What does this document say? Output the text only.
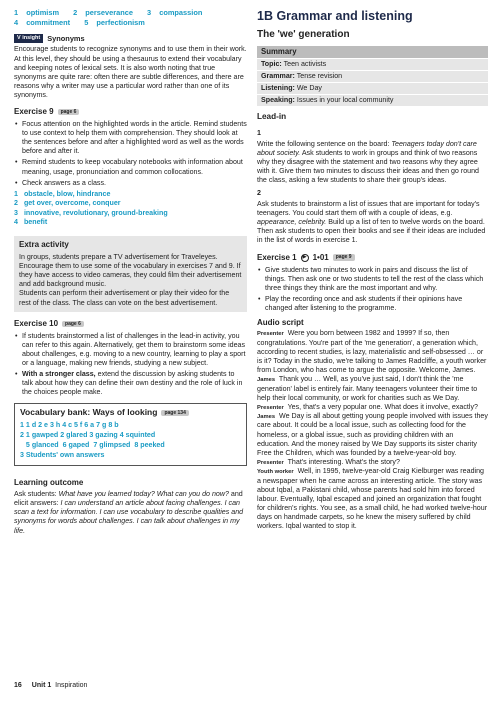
1 optimism 2 perseverance 3 compassion
4 commitment 5 perfectionism
V insight Synonyms
Encourage students to recognize synonyms and to use them in their work. At this level, they should be using a thesaurus to extend their vocabulary and keeping notes of lexical sets. It is also worth noting that true synonyms are quite rare: often there are subtle differences, and there are reasons why a writer may use a particular word rather than one of its synonyms.
Exercise 9	page 6
• Focus attention on the highlighted words in the article. Remind students to use context to help them with comprehension. They should look at the sentences before and after a highlighted word as well as the words before and after it.
• Remind students to keep vocabulary notebooks with information about meaning, usage, pronunciation and common collocations.
• Check answers as a class.
1 obstacle, blow, hindrance
2 get over, overcome, conquer
3 innovative, revolutionary, ground-breaking
4 benefit
Extra activity
In groups, students prepare a TV advertisement for Traveleyes. Encourage them to use some of the vocabulary in exercises 7 and 9. If they have access to video cameras, they could film their advertisement and add background music.
Students can perform their advertisement or play their video for the rest of the class. The class can vote on the best advertisement.
Exercise 10	page 6
• If students brainstormed a list of challenges in the lead-in activity, you can refer to this again. Alternatively, get them to brainstorm some ideas about challenges, e.g. moving to a new country, learning to play a sport or a language, making new friends, studying a new subject.
• With a stronger class, extend the discussion by asking students to talk about how they can define their own destiny and the role of luck in the choices people make.
Vocabulary bank: Ways of looking	page 134
1 1 d 2 e 3 h 4 c 5 f 6 a 7 g 8 b
2 1 gawped 2 glared 3 gazing 4 squinted
5 glanced  6 gaped  7 glimpsed  8 peeked
3 Students' own answers
Learning outcome
Ask students: What have you learned today? What can you do now? and elicit answers: I can understand an article about facing challenges. I can scan a text for information. I can use vocabulary to describe qualities and synonyms for words about challenges. I can talk about challenges in my life.
16 Unit 1 Inspiration
1B Grammar and listening
The 'we' generation
Summary
Topic: Teen activists
Grammar: Tense revision
Listening: We Day
Speaking: Issues in your local community
Lead-in
1
Write the following sentence on the board: Teenagers today don't care about society. Ask students to work in groups and think of two reasons why they disagree with the statement and two reasons why they agree with it. Give them two minutes to discuss their ideas and then go round the class, asking a few students to share their group's ideas.
2
Ask students to brainstorm a list of issues that are important for today's teenagers. You could start them off with a couple of ideas, e.g. appearance, celebrity. Build up a list of ten to twelve words on the board. Then ask students to open their books and see if their ideas are included in the list of words in exercise 1.
Exercise 1	▶ 1•01	page 9
• Give students two minutes to work in pairs and discuss the list of things. Then ask one or two students to tell the rest of the class which three things they think are the most important and why.
• Play the recording once and ask students if their opinions have changed after listening to the programme.
Audio script

Presenter Were you born between 1982 and 1999? If so, then congratulations. You're part of the 'me generation', a generation which, according to recent studies, is lazy, materialistic and self-obsessed … or is it? Today in the studio, we're talking to James Radcliffe, a youth worker from London, who has come to argue the opposite. Welcome, James.

James Thank you … Well, as you've just said, I don't think the 'me generation' label is entirely fair. Many teenagers volunteer their time to help their local community, or work for charities such as We Day.

Presenter Yes, that's a very popular one. What does it involve, exactly?

James We Day is all about getting young people involved with issues they care about. It could be a local issue, such as collecting food for the homeless, or a global issue, such as providing children with an education. And the money raised by We Day supports its sister charity Free the Children, which was founded by a twelve-year-old boy.

Presenter That's interesting. What's the story?

Youth worker Well, in 1995, twelve-year-old Craig Kielburger was reading a newspaper when he came across an interesting article. The story was about Iqbal, a Pakistani child, whose parents had sold him into forced labour. Eventually, Iqbal escaped and joined an organization that fought for children's rights. You see, as a small child, he had worked twelve-hour days on handmade carpets, so he knew the misery suffered by child workers. Iqbal wanted to stop it.
